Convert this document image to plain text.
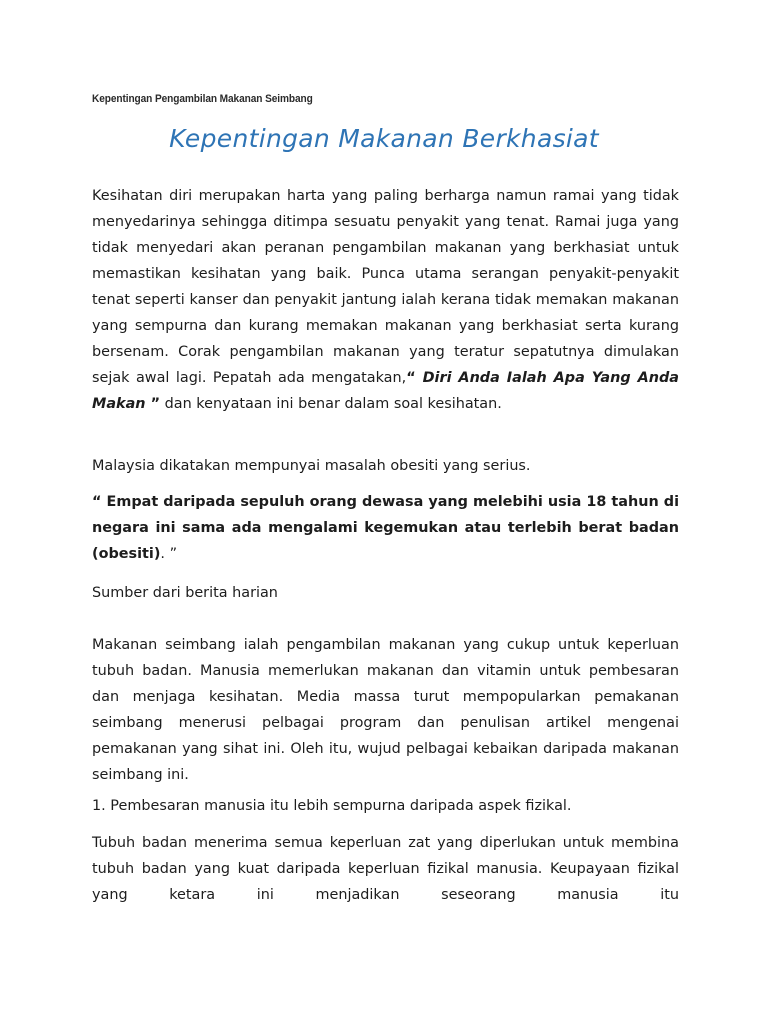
Kepentingan Pengambilan Makanan Seimbang
Kepentingan Makanan Berkhasiat

Kesihatan diri merupakan harta yang paling berharga namun ramai yang tidak menyedarinya sehingga ditimpa sesuatu penyakit yang tenat. Ramai juga yang tidak menyedari akan peranan pengambilan makanan yang berkhasiat untuk memastikan kesihatan yang baik. Punca utama serangan penyakit-penyakit tenat seperti kanser dan penyakit jantung ialah kerana tidak memakan makanan yang sempurna dan kurang memakan makanan yang berkhasiat serta kurang bersenam. Corak pengambilan makanan yang teratur sepatutnya dimulakan sejak awal lagi. Pepatah ada mengatakan,“ Diri Anda Ialah Apa Yang Anda Makan ” dan kenyataan ini benar dalam soal kesihatan.

Malaysia dikatakan mempunyai masalah obesiti yang serius.

“ Empat daripada sepuluh orang dewasa yang melebihi usia 18 tahun di negara ini sama ada mengalami kegemukan atau terlebih berat badan (obesiti). ”

Sumber dari berita harian

Makanan seimbang ialah pengambilan makanan yang cukup untuk keperluan tubuh badan. Manusia memerlukan makanan dan vitamin untuk pembesaran dan menjaga kesihatan. Media massa turut mempopularkan pemakanan seimbang menerusi pelbagai program dan penulisan artikel mengenai pemakanan yang sihat ini. Oleh itu, wujud pelbagai kebaikan daripada makanan seimbang ini.

1. Pembesaran manusia itu lebih sempurna daripada aspek fizikal.

Tubuh badan menerima semua keperluan zat yang diperlukan untuk membina tubuh badan yang kuat daripada keperluan fizikal manusia. Keupayaan fizikal yang ketara ini menjadikan seseorang manusia itu
